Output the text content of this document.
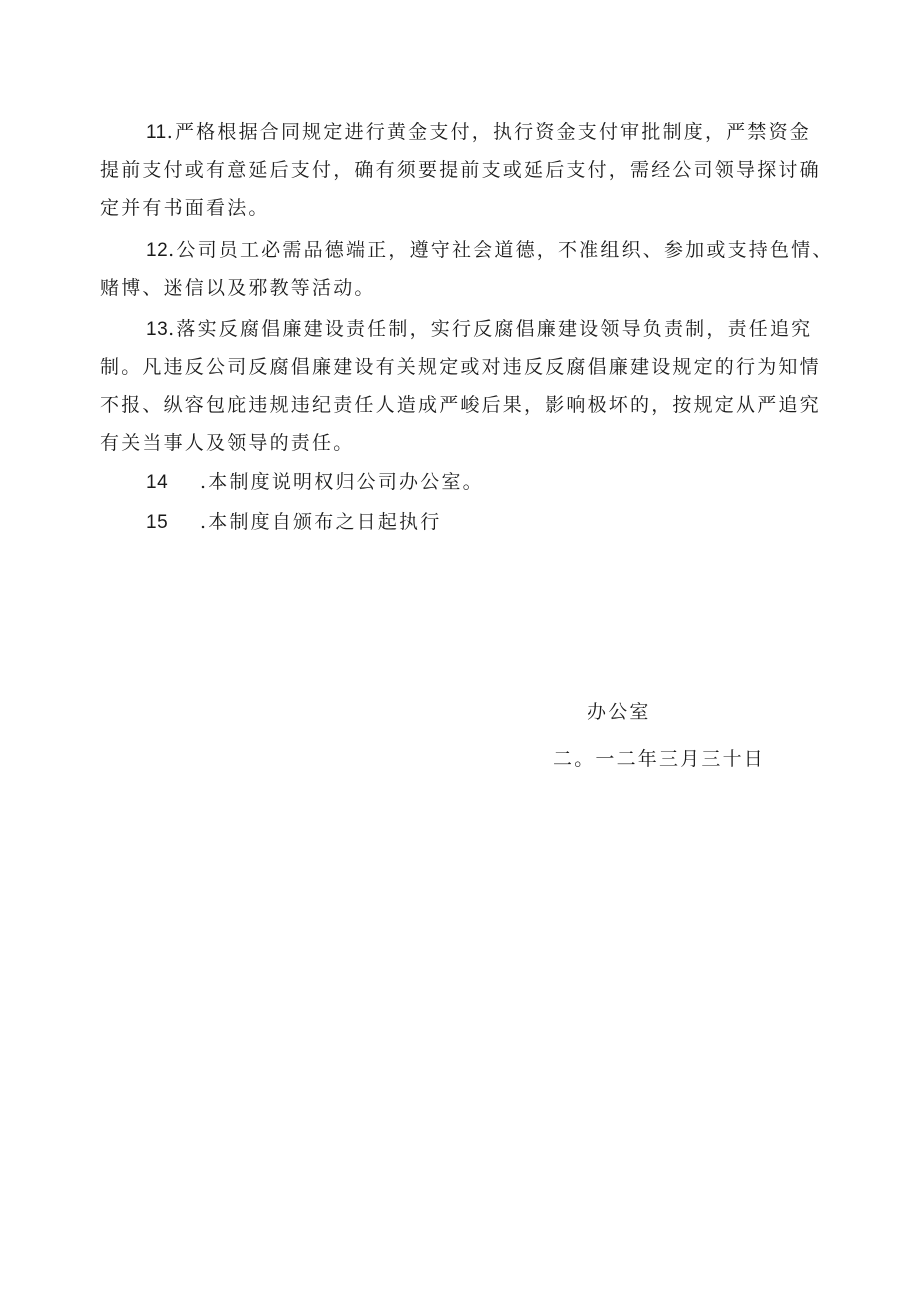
11.严格根据合同规定进行黄金支付，执行资金支付审批制度，严禁资金
提前支付或有意延后支付，确有须要提前支或延后支付，需经公司领导探讨确
定并有书面看法。
12.公司员工必需品德端正，遵守社会道德，不准组织、参加或支持色情、
赌博、迷信以及邪教等活动。
13.落实反腐倡廉建设责任制，实行反腐倡廉建设领导负责制，责任追究
制。凡违反公司反腐倡廉建设有关规定或对违反反腐倡廉建设规定的行为知情
不报、纵容包庇违规违纪责任人造成严峻后果，影响极坏的，按规定从严追究
有关当事人及领导的责任。
14 .本制度说明权归公司办公室。
15 .本制度自颁布之日起执行
办公室
二。一二年三月三十日
